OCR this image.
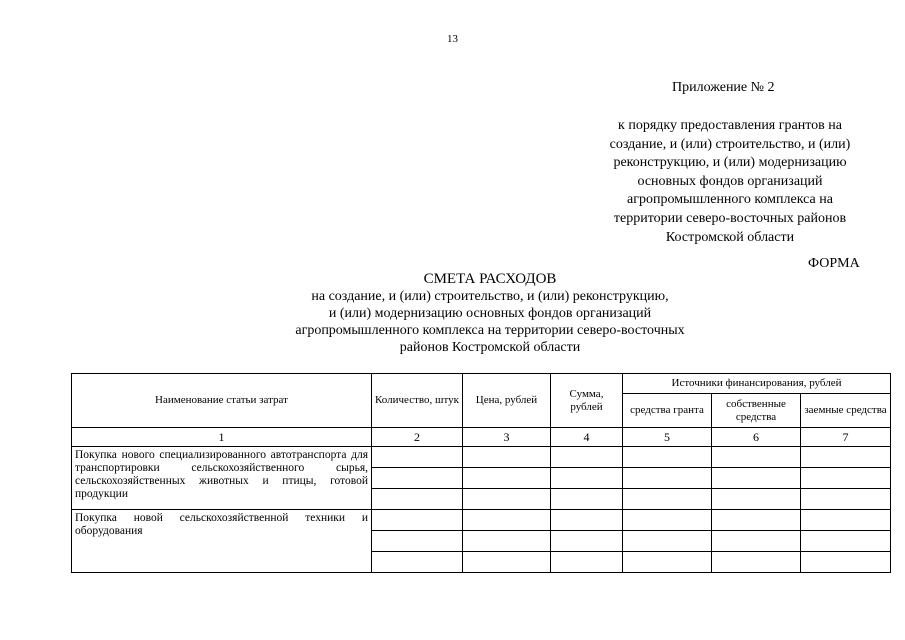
13
Приложение № 2
к порядку предоставления грантов на
создание, и (или) строительство, и (или)
реконструкцию, и (или) модернизацию
основных фондов организаций
агропромышленного комплекса на
территории северо-восточных районов
Костромской области
ФОРМА
СМЕТА РАСХОДОВ
на создание, и (или) строительство, и (или) реконструкцию,
и (или) модернизацию основных фондов организаций
агропромышленного комплекса на территории северо-восточных
районов Костромской области
Наименование статьи затрат	Количество, штук	Цена, рублей	Сумма, рублей	Источники финансирования, рублей		
				средства гранта	собственные средства	заемные средства
1	2	3	4	5	6	7
Покупка нового специализированного автотранспорта для транспортировки сельскохозяйственного сырья, сельскохозяйственных животных и птицы, готовой продукции						

Покупка новой сельскохозяйственной техники и оборудования						
